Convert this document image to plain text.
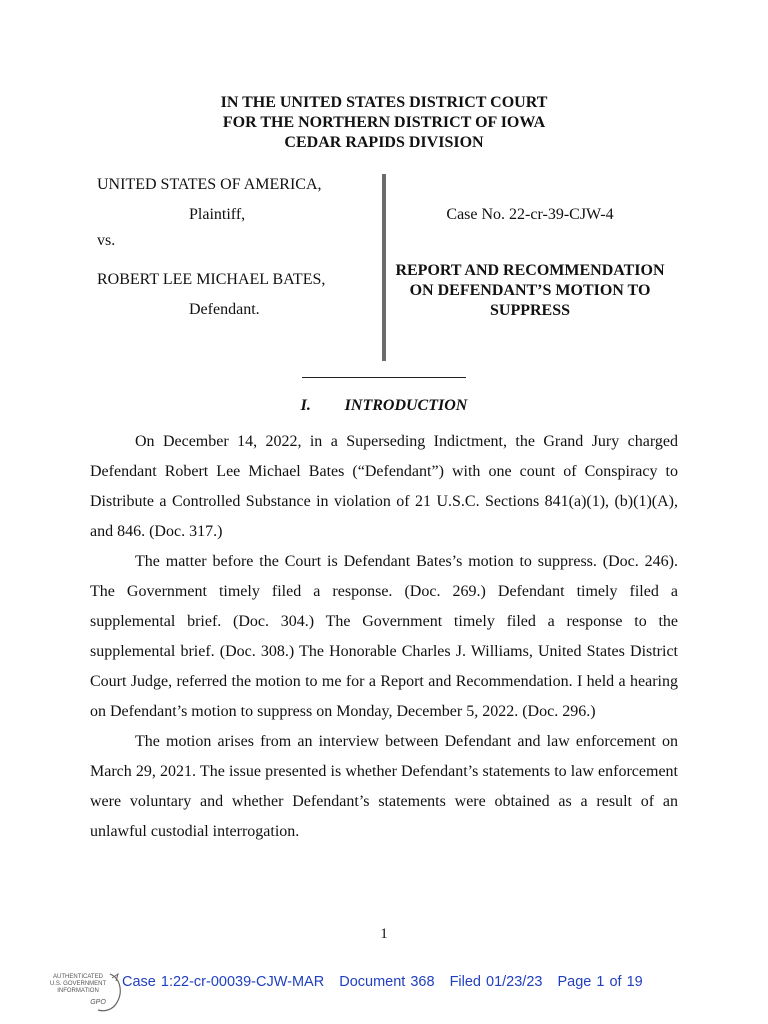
IN THE UNITED STATES DISTRICT COURT
FOR THE NORTHERN DISTRICT OF IOWA
CEDAR RAPIDS DIVISION
UNITED STATES OF AMERICA,
Plaintiff,
vs.
ROBERT LEE MICHAEL BATES,
Defendant.
Case No. 22-cr-39-CJW-4
REPORT AND RECOMMENDATION
ON DEFENDANT’S MOTION TO
SUPPRESS
I. INTRODUCTION

On December 14, 2022, in a Superseding Indictment, the Grand Jury charged Defendant Robert Lee Michael Bates (“Defendant”) with one count of Conspiracy to Distribute a Controlled Substance in violation of 21 U.S.C. Sections 841(a)(1), (b)(1)(A), and 846. (Doc. 317.)

The matter before the Court is Defendant Bates’s motion to suppress. (Doc. 246). The Government timely filed a response. (Doc. 269.) Defendant timely filed a supplemental brief. (Doc. 304.) The Government timely filed a response to the supplemental brief. (Doc. 308.) The Honorable Charles J. Williams, United States District Court Judge, referred the motion to me for a Report and Recommendation. I held a hearing on Defendant’s motion to suppress on Monday, December 5, 2022. (Doc. 296.)

The motion arises from an interview between Defendant and law enforcement on March 29, 2021. The issue presented is whether Defendant’s statements to law enforcement were voluntary and whether Defendant’s statements were obtained as a result of an unlawful custodial interrogation.

1
AUTHENTICATED
U.S. GOVERNMENT
INFORMATION
GPO
Case 1:22-cr-00039-CJW-MAR Document 368 Filed 01/23/23 Page 1 of 19
